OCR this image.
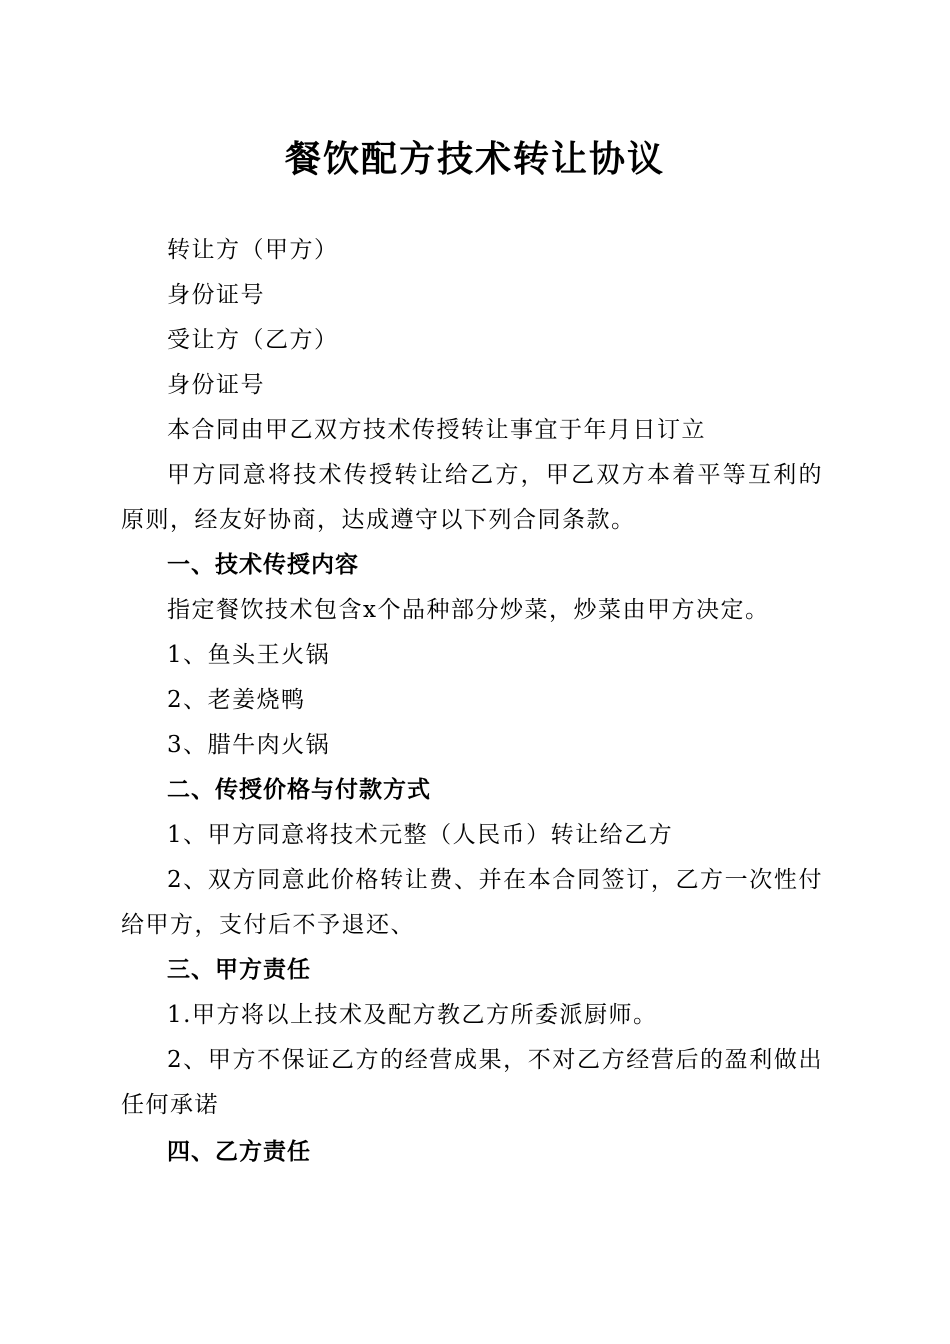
餐饮配方技术转让协议

转让方（甲方）

身份证号

受让方（乙方）

身份证号

本合同由甲乙双方技术传授转让事宜于年月日订立

甲方同意将技术传授转让给乙方，甲乙双方本着平等互利的原则，经友好协商，达成遵守以下列合同条款。

一、技术传授内容

指定餐饮技术包含x个品种部分炒菜，炒菜由甲方决定。

1、鱼头王火锅

2、老姜烧鸭

3、腊牛肉火锅

二、传授价格与付款方式

1、甲方同意将技术元整（人民币）转让给乙方

2、双方同意此价格转让费、并在本合同签订，乙方一次性付给甲方，支付后不予退还、

三、甲方责任

1.甲方将以上技术及配方教乙方所委派厨师。

2、甲方不保证乙方的经营成果，不对乙方经营后的盈利做出任何承诺

四、乙方责任
